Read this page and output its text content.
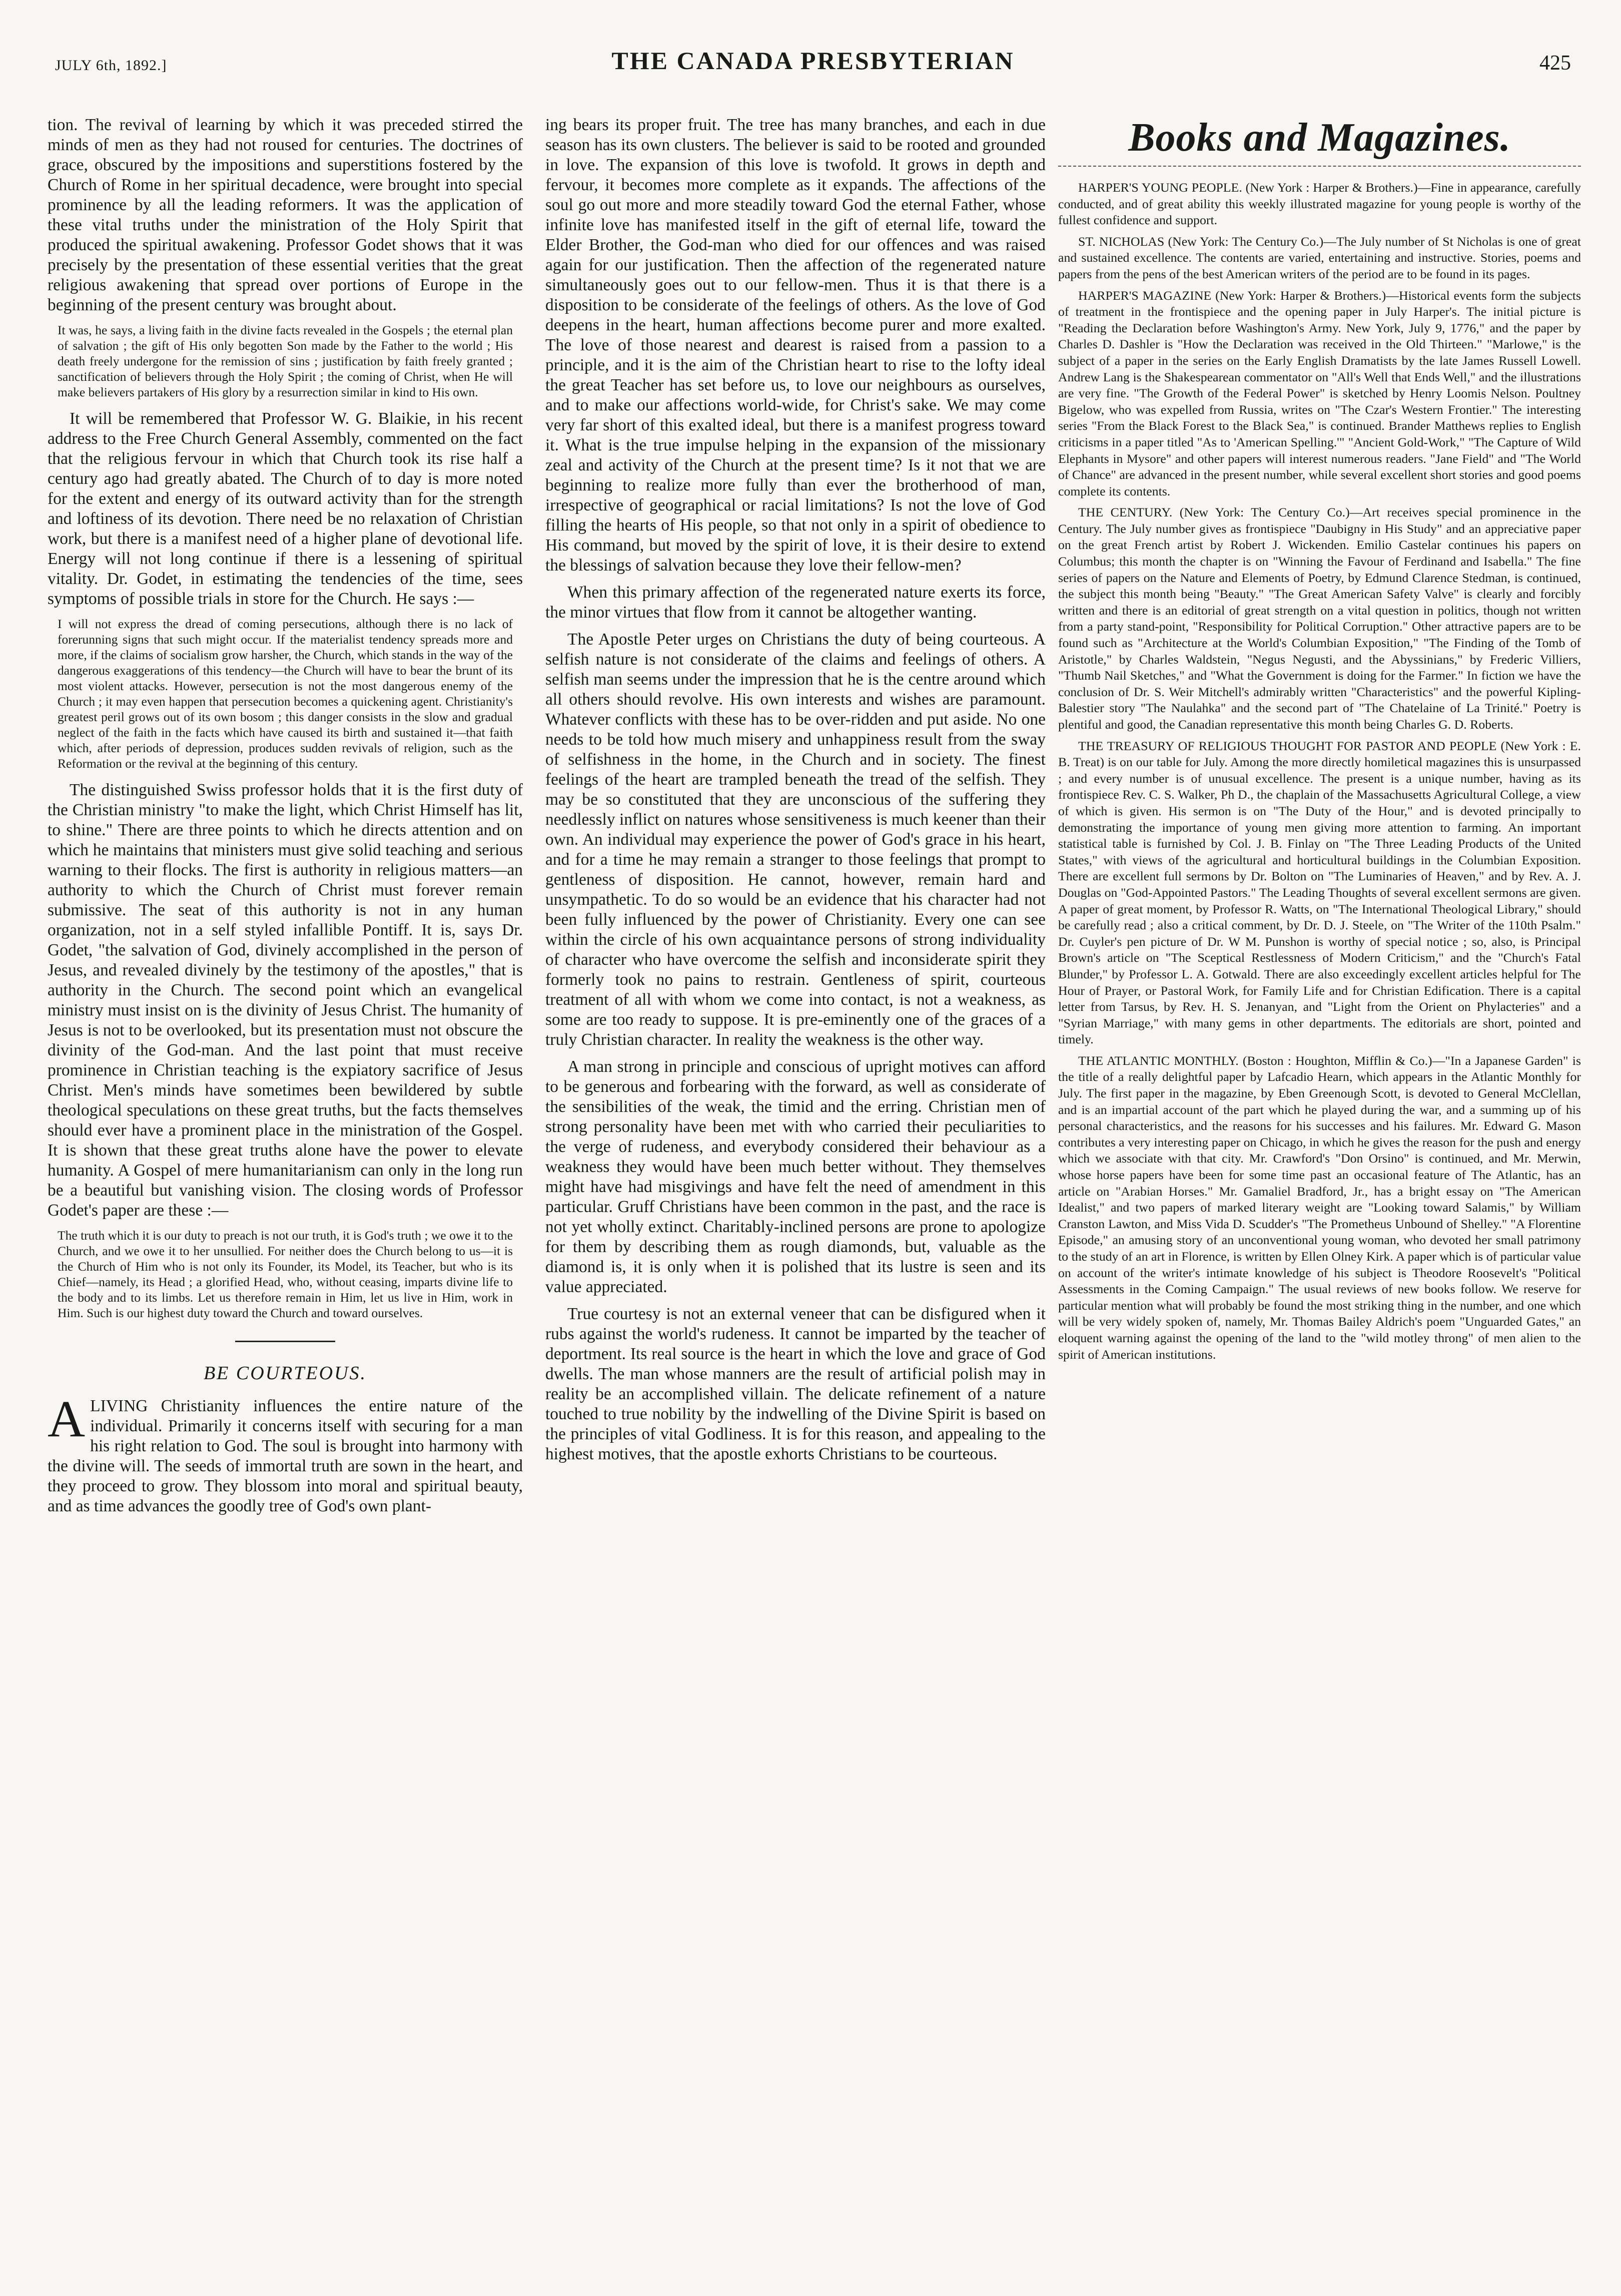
JULY 6th, 1892.]	THE CANADA PRESBYTERIAN	425

tion. The revival of learning by which it was preceded stirred the minds of men as they had not roused for centuries. The doctrines of grace, obscured by the impositions and superstitions fostered by the Church of Rome in her spiritual decadence, were brought into special prominence by all the leading reformers. It was the application of these vital truths under the ministration of the Holy Spirit that produced the spiritual awakening. Professor Godet shows that it was precisely by the presentation of these essential verities that the great religious awakening that spread over portions of Europe in the beginning of the present century was brought about.

It was, he says, a living faith in the divine facts revealed in the Gospels ; the eternal plan of salvation ; the gift of His only begotten Son made by the Father to the world ; His death freely undergone for the remission of sins ; justification by faith freely granted ; sanctification of believers through the Holy Spirit ; the coming of Christ, when He will make believers partakers of His glory by a resurrection similar in kind to His own.

It will be remembered that Professor W. G. Blaikie, in his recent address to the Free Church General Assembly, commented on the fact that the religious fervour in which that Church took its rise half a century ago had greatly abated. The Church of to day is more noted for the extent and energy of its outward activity than for the strength and loftiness of its devotion. There need be no relaxation of Christian work, but there is a manifest need of a higher plane of devotional life. Energy will not long continue if there is a lessening of spiritual vitality. Dr. Godet, in estimating the tendencies of the time, sees symptoms of possible trials in store for the Church. He says :—

I will not express the dread of coming persecutions, although there is no lack of forerunning signs that such might occur. If the materialist tendency spreads more and more, if the claims of socialism grow harsher, the Church, which stands in the way of the dangerous exaggerations of this tendency—the Church will have to bear the brunt of its most violent attacks. However, persecution is not the most dangerous enemy of the Church ; it may even happen that persecution becomes a quickening agent. Christianity's greatest peril grows out of its own bosom ; this danger consists in the slow and gradual neglect of the faith in the facts which have caused its birth and sustained it—that faith which, after periods of depression, produces sudden revivals of religion, such as the Reformation or the revival at the beginning of this century.

The distinguished Swiss professor holds that it is the first duty of the Christian ministry "to make the light, which Christ Himself has lit, to shine." There are three points to which he directs attention and on which he maintains that ministers must give solid teaching and serious warning to their flocks. The first is authority in religious matters—an authority to which the Church of Christ must forever remain submissive. The seat of this authority is not in any human organization, not in a self styled infallible Pontiff. It is, says Dr. Godet, "the salvation of God, divinely accomplished in the person of Jesus, and revealed divinely by the testimony of the apostles," that is authority in the Church. The second point which an evangelical ministry must insist on is the divinity of Jesus Christ. The humanity of Jesus is not to be overlooked, but its presentation must not obscure the divinity of the God-man. And the last point that must receive prominence in Christian teaching is the expiatory sacrifice of Jesus Christ. Men's minds have sometimes been bewildered by subtle theological speculations on these great truths, but the facts themselves should ever have a prominent place in the ministration of the Gospel. It is shown that these great truths alone have the power to elevate humanity. A Gospel of mere humanitarianism can only in the long run be a beautiful but vanishing vision. The closing words of Professor Godet's paper are these :—

The truth which it is our duty to preach is not our truth, it is God's truth ; we owe it to the Church, and we owe it to her unsullied. For neither does the Church belong to us—it is the Church of Him who is not only its Founder, its Model, its Teacher, but who is its Chief—namely, its Head ; a glorified Head, who, without ceasing, imparts divine life to the body and to its limbs. Let us therefore remain in Him, let us live in Him, work in Him. Such is our highest duty toward the Church and toward ourselves.

BE COURTEOUS.

ALIVING Christianity influences the entire nature of the individual. Primarily it concerns itself with securing for a man his right relation to God. The soul is brought into harmony with the divine will. The seeds of immortal truth are sown in the heart, and they proceed to grow. They blossom into moral and spiritual beauty, and as time advances the goodly tree of God's own plant-

ing bears its proper fruit. The tree has many branches, and each in due season has its own clusters. The believer is said to be rooted and grounded in love. The expansion of this love is twofold. It grows in depth and fervour, it becomes more complete as it expands. The affections of the soul go out more and more steadily toward God the eternal Father, whose infinite love has manifested itself in the gift of eternal life, toward the Elder Brother, the God-man who died for our offences and was raised again for our justification. Then the affection of the regenerated nature simultaneously goes out to our fellow-men. Thus it is that there is a disposition to be considerate of the feelings of others. As the love of God deepens in the heart, human affections become purer and more exalted. The love of those nearest and dearest is raised from a passion to a principle, and it is the aim of the Christian heart to rise to the lofty ideal the great Teacher has set before us, to love our neighbours as ourselves, and to make our affections world-wide, for Christ's sake. We may come very far short of this exalted ideal, but there is a manifest progress toward it. What is the true impulse helping in the expansion of the missionary zeal and activity of the Church at the present time? Is it not that we are beginning to realize more fully than ever the brotherhood of man, irrespective of geographical or racial limitations? Is not the love of God filling the hearts of His people, so that not only in a spirit of obedience to His command, but moved by the spirit of love, it is their desire to extend the blessings of salvation because they love their fellow-men?

When this primary affection of the regenerated nature exerts its force, the minor virtues that flow from it cannot be altogether wanting.

The Apostle Peter urges on Christians the duty of being courteous. A selfish nature is not considerate of the claims and feelings of others. A selfish man seems under the impression that he is the centre around which all others should revolve. His own interests and wishes are paramount. Whatever conflicts with these has to be over-ridden and put aside. No one needs to be told how much misery and unhappiness result from the sway of selfishness in the home, in the Church and in society. The finest feelings of the heart are trampled beneath the tread of the selfish. They may be so constituted that they are unconscious of the suffering they needlessly inflict on natures whose sensitiveness is much keener than their own. An individual may experience the power of God's grace in his heart, and for a time he may remain a stranger to those feelings that prompt to gentleness of disposition. He cannot, however, remain hard and unsympathetic. To do so would be an evidence that his character had not been fully influenced by the power of Christianity. Every one can see within the circle of his own acquaintance persons of strong individuality of character who have overcome the selfish and inconsiderate spirit they formerly took no pains to restrain. Gentleness of spirit, courteous treatment of all with whom we come into contact, is not a weakness, as some are too ready to suppose. It is pre-eminently one of the graces of a truly Christian character. In reality the weakness is the other way.

A man strong in principle and conscious of upright motives can afford to be generous and forbearing with the forward, as well as considerate of the sensibilities of the weak, the timid and the erring. Christian men of strong personality have been met with who carried their peculiarities to the verge of rudeness, and everybody considered their behaviour as a weakness they would have been much better without. They themselves might have had misgivings and have felt the need of amendment in this particular. Gruff Christians have been common in the past, and the race is not yet wholly extinct. Charitably-inclined persons are prone to apologize for them by describing them as rough diamonds, but, valuable as the diamond is, it is only when it is polished that its lustre is seen and its value appreciated.

True courtesy is not an external veneer that can be disfigured when it rubs against the world's rudeness. It cannot be imparted by the teacher of deportment. Its real source is the heart in which the love and grace of God dwells. The man whose manners are the result of artificial polish may in reality be an accomplished villain. The delicate refinement of a nature touched to true nobility by the indwelling of the Divine Spirit is based on the principles of vital Godliness. It is for this reason, and appealing to the highest motives, that the apostle exhorts Christians to be courteous.

Books and Magazines.

HARPER'S YOUNG PEOPLE. (New York : Harper & Brothers.)—Fine in appearance, carefully conducted, and of great ability this weekly illustrated magazine for young people is worthy of the fullest confidence and support.

ST. NICHOLAS (New York: The Century Co.)—The July number of St Nicholas is one of great and sustained excellence. The contents are varied, entertaining and instructive. Stories, poems and papers from the pens of the best American writers of the period are to be found in its pages.

HARPER'S MAGAZINE (New York: Harper & Brothers.)—Historical events form the subjects of treatment in the frontispiece and the opening paper in July Harper's. The initial picture is "Reading the Declaration before Washington's Army. New York, July 9, 1776," and the paper by Charles D. Dashler is "How the Declaration was received in the Old Thirteen." "Marlowe," is the subject of a paper in the series on the Early English Dramatists by the late James Russell Lowell. Andrew Lang is the Shakespearean commentator on "All's Well that Ends Well," and the illustrations are very fine. "The Growth of the Federal Power" is sketched by Henry Loomis Nelson. Poultney Bigelow, who was expelled from Russia, writes on "The Czar's Western Frontier." The interesting series "From the Black Forest to the Black Sea," is continued. Brander Matthews replies to English criticisms in a paper titled "As to 'American Spelling.'" "Ancient Gold-Work," "The Capture of Wild Elephants in Mysore" and other papers will interest numerous readers. "Jane Field" and "The World of Chance" are advanced in the present number, while several excellent short stories and good poems complete its contents.

THE CENTURY. (New York: The Century Co.)—Art receives special prominence in the Century. The July number gives as frontispiece "Daubigny in His Study" and an appreciative paper on the great French artist by Robert J. Wickenden. Emilio Castelar continues his papers on Columbus; this month the chapter is on "Winning the Favour of Ferdinand and Isabella." The fine series of papers on the Nature and Elements of Poetry, by Edmund Clarence Stedman, is continued, the subject this month being "Beauty." "The Great American Safety Valve" is clearly and forcibly written and there is an editorial of great strength on a vital question in politics, though not written from a party stand-point, "Responsibility for Political Corruption." Other attractive papers are to be found such as "Architecture at the World's Columbian Exposition," "The Finding of the Tomb of Aristotle," by Charles Waldstein, "Negus Negusti, and the Abyssinians," by Frederic Villiers, "Thumb Nail Sketches," and "What the Government is doing for the Farmer." In fiction we have the conclusion of Dr. S. Weir Mitchell's admirably written "Characteristics" and the powerful Kipling-Balestier story "The Naulahka" and the second part of "The Chatelaine of La Trinité." Poetry is plentiful and good, the Canadian representative this month being Charles G. D. Roberts.

THE TREASURY OF RELIGIOUS THOUGHT FOR PASTOR AND PEOPLE (New York : E. B. Treat) is on our table for July. Among the more directly homiletical magazines this is unsurpassed ; and every number is of unusual excellence. The present is a unique number, having as its frontispiece Rev. C. S. Walker, Ph D., the chaplain of the Massachusetts Agricultural College, a view of which is given. His sermon is on "The Duty of the Hour," and is devoted principally to demonstrating the importance of young men giving more attention to farming. An important statistical table is furnished by Col. J. B. Finlay on "The Three Leading Products of the United States," with views of the agricultural and horticultural buildings in the Columbian Exposition. There are excellent full sermons by Dr. Bolton on "The Luminaries of Heaven," and by Rev. A. J. Douglas on "God-Appointed Pastors." The Leading Thoughts of several excellent sermons are given. A paper of great moment, by Professor R. Watts, on "The International Theological Library," should be carefully read ; also a critical comment, by Dr. D. J. Steele, on "The Writer of the 110th Psalm." Dr. Cuyler's pen picture of Dr. W M. Punshon is worthy of special notice ; so, also, is Principal Brown's article on "The Sceptical Restlessness of Modern Criticism," and the "Church's Fatal Blunder," by Professor L. A. Gotwald. There are also exceedingly excellent articles helpful for The Hour of Prayer, or Pastoral Work, for Family Life and for Christian Edification. There is a capital letter from Tarsus, by Rev. H. S. Jenanyan, and "Light from the Orient on Phylacteries" and a "Syrian Marriage," with many gems in other departments. The editorials are short, pointed and timely.

THE ATLANTIC MONTHLY. (Boston : Houghton, Mifflin & Co.)—"In a Japanese Garden" is the title of a really delightful paper by Lafcadio Hearn, which appears in the Atlantic Monthly for July. The first paper in the magazine, by Eben Greenough Scott, is devoted to General McClellan, and is an impartial account of the part which he played during the war, and a summing up of his personal characteristics, and the reasons for his successes and his failures. Mr. Edward G. Mason contributes a very interesting paper on Chicago, in which he gives the reason for the push and energy which we associate with that city. Mr. Crawford's "Don Orsino" is continued, and Mr. Merwin, whose horse papers have been for some time past an occasional feature of The Atlantic, has an article on "Arabian Horses." Mr. Gamaliel Bradford, Jr., has a bright essay on "The American Idealist," and two papers of marked literary weight are "Looking toward Salamis," by William Cranston Lawton, and Miss Vida D. Scudder's "The Prometheus Unbound of Shelley." "A Florentine Episode," an amusing story of an unconventional young woman, who devoted her small patrimony to the study of an art in Florence, is written by Ellen Olney Kirk. A paper which is of particular value on account of the writer's intimate knowledge of his subject is Theodore Roosevelt's "Political Assessments in the Coming Campaign." The usual reviews of new books follow. We reserve for particular mention what will probably be found the most striking thing in the number, and one which will be very widely spoken of, namely, Mr. Thomas Bailey Aldrich's poem "Unguarded Gates," an eloquent warning against the opening of the land to the "wild motley throng" of men alien to the spirit of American institutions.
